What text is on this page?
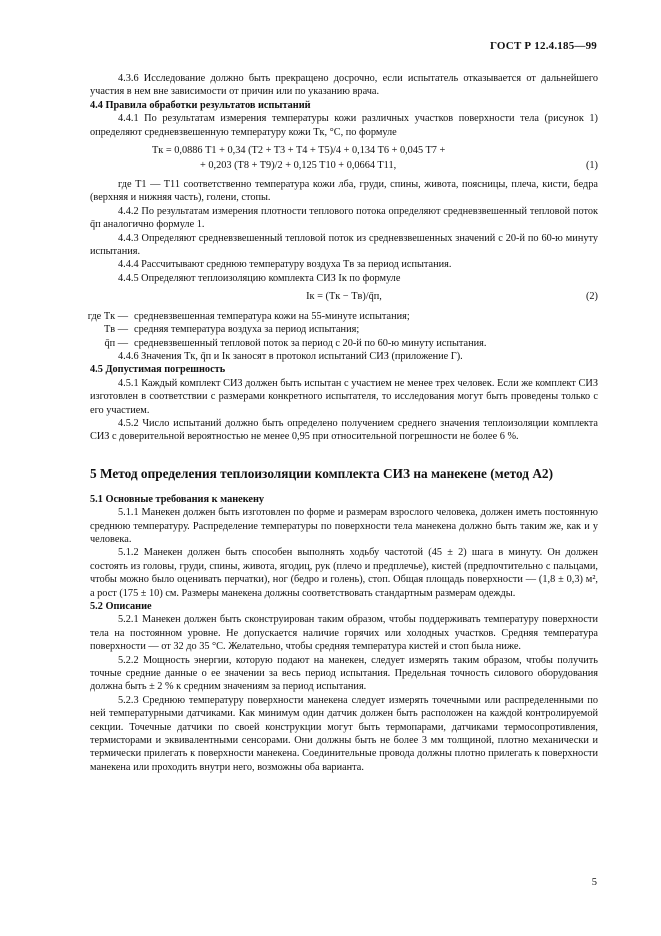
ГОСТ Р 12.4.185—99

4.3.6 Исследование должно быть прекращено досрочно, если испытатель отказывается от дальнейшего участия в нем вне зависимости от причин или по указанию врача.

4.4 Правила обработки результатов испытаний

4.4.1 По результатам измерения температуры кожи различных участков поверхности тела (рисунок 1) определяют средневзвешенную температуру кожи Tк, °C, по формуле

Tк = 0,0886 T1 + 0,34 (T2 + T3 + T4 + T5)/4 + 0,134 T6 + 0,045 T7 +
+ 0,203 (T8 + T9)/2 + 0,125 T10 + 0,0664 T11,	(1)

где T1 — T11 соответственно температура кожи лба, груди, спины, живота, поясницы, плеча, кисти, бедра (верхняя и нижняя часть), голени, стопы.

4.4.2 По результатам измерения плотности теплового потока определяют средневзвешенный тепловой поток q̄п аналогично формуле 1.

4.4.3 Определяют средневзвешенный тепловой поток из средневзвешенных значений с 20-й по 60-ю минуту испытания.

4.4.4 Рассчитывают среднюю температуру воздуха Tв за период испытания.

4.4.5 Определяют теплоизоляцию комплекта СИЗ Iк по формуле

Iк = (Tк − Tв)/q̄п,	(2)
где Tк — средневзвешенная температура кожи на 55-минуте испытания;
Tв — средняя температура воздуха за период испытания;
q̄п — средневзвешенный тепловой поток за период с 20-й по 60-ю минуту испытания.

4.4.6 Значения Tк, q̄п и Iк заносят в протокол испытаний СИЗ (приложение Г).

4.5 Допустимая погрешность

4.5.1 Каждый комплект СИЗ должен быть испытан с участием не менее трех человек. Если же комплект СИЗ изготовлен в соответствии с размерами конкретного испытателя, то исследования могут быть проведены только с его участием.

4.5.2 Число испытаний должно быть определено получением среднего значения теплоизоляции комплекта СИЗ с доверительной вероятностью не менее 0,95 при относительной погрешности не более 6 %.

5 Метод определения теплоизоляции комплекта СИЗ на манекене (метод А2)

5.1 Основные требования к манекену

5.1.1 Манекен должен быть изготовлен по форме и размерам взрослого человека, должен иметь постоянную среднюю температуру. Распределение температуры по поверхности тела манекена должно быть таким же, как и у человека.

5.1.2 Манекен должен быть способен выполнять ходьбу частотой (45 ± 2) шага в минуту. Он должен состоять из головы, груди, спины, живота, ягодиц, рук (плечо и предплечье), кистей (предпочтительно с пальцами, чтобы можно было оценивать перчатки), ног (бедро и голень), стоп. Общая площадь поверхности — (1,8 ± 0,3) м², а рост (175 ± 10) см. Размеры манекена должны соответствовать стандартным размерам одежды.

5.2 Описание

5.2.1 Манекен должен быть сконструирован таким образом, чтобы поддерживать температуру поверхности тела на постоянном уровне. Не допускается наличие горячих или холодных участков. Средняя температура поверхности — от 32 до 35 °C. Желательно, чтобы средняя температура кистей и стоп была ниже.

5.2.2 Мощность энергии, которую подают на манекен, следует измерять таким образом, чтобы получить точные средние данные о ее значении за весь период испытания. Предельная точность силового оборудования должна быть ± 2 % к средним значениям за период испытания.

5.2.3 Среднюю температуру поверхности манекена следует измерять точечными или распределенными по ней температурными датчиками. Как минимум один датчик должен быть расположен на каждой контролируемой секции. Точечные датчики по своей конструкции могут быть термопарами, датчиками термосопротивления, термисторами и эквивалентными сенсорами. Они должны быть не более 3 мм толщиной, плотно механически и термически прилегать к поверхности манекена. Соединительные провода должны плотно прилегать к поверхности манекена или проходить внутри него, возможны оба варианта.

5
